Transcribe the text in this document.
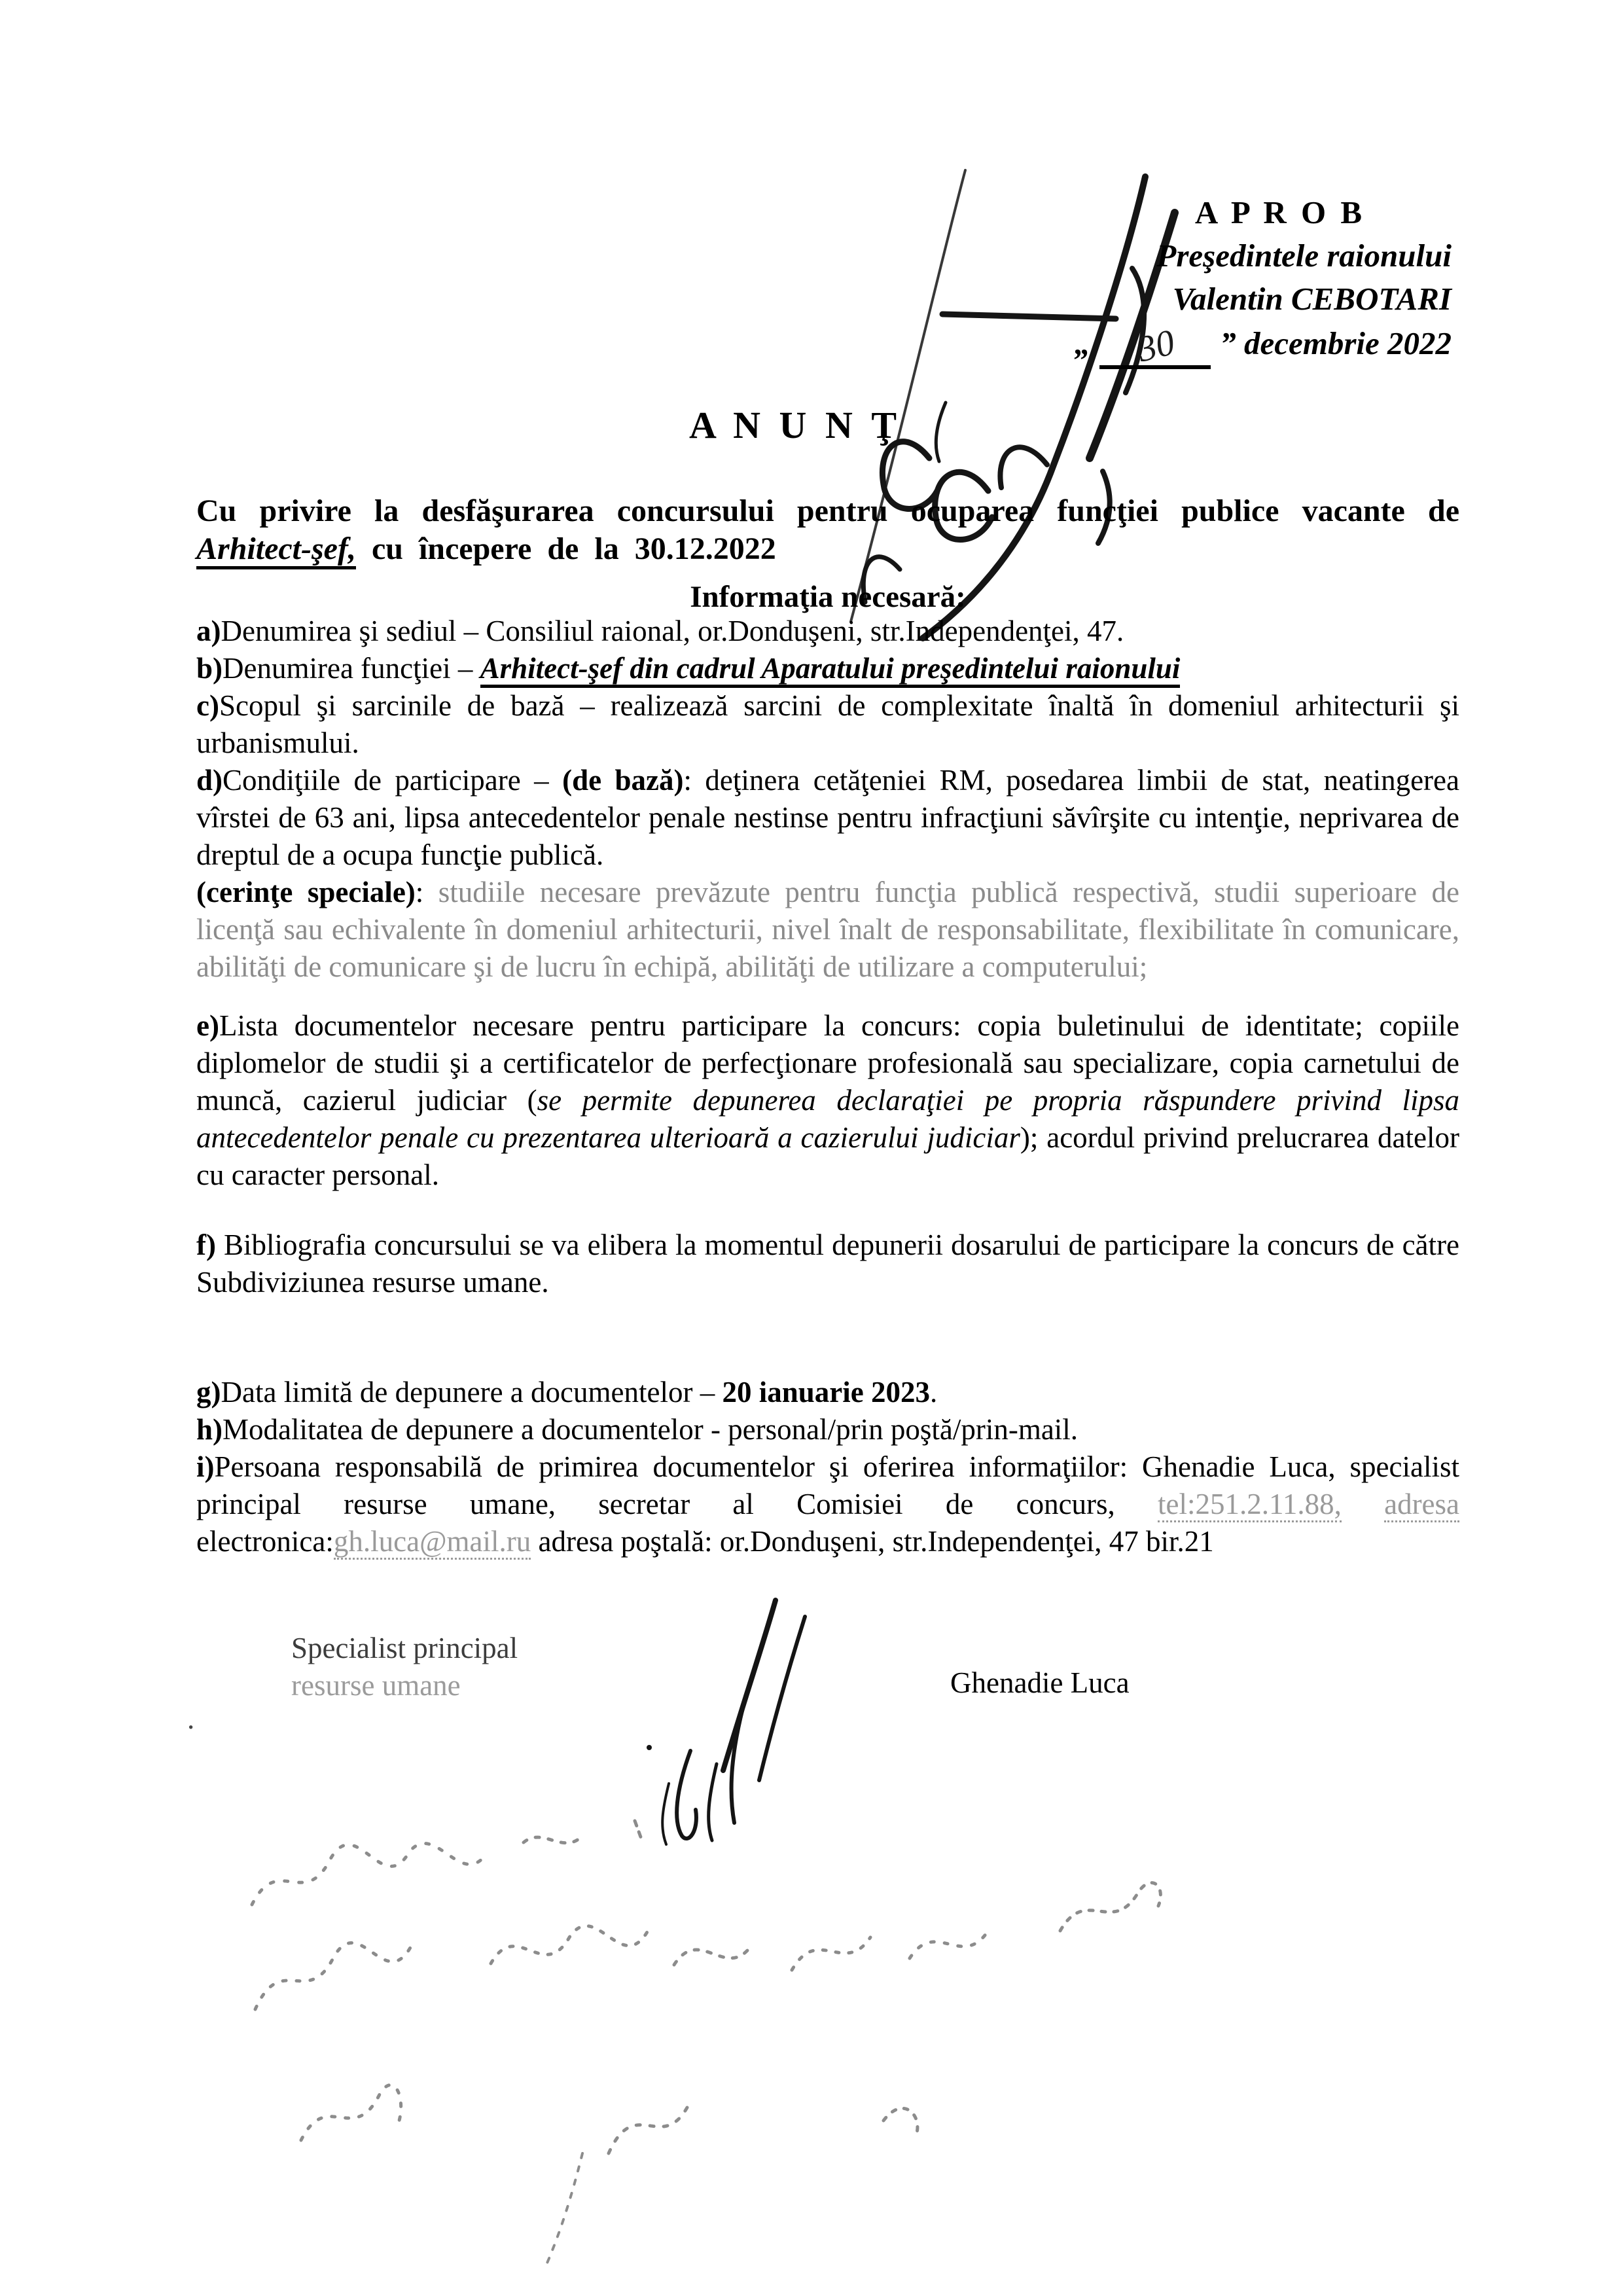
A P R O B
Preşedintele raionului
Valentin CEBOTARI
„ 30 ” decembrie 2022
A N U N Ţ
Cu privire la desfăşurarea concursului pentru ocuparea funcţiei publice vacante de Arhitect-şef, cu începere de la 30.12.2022
Informaţia necesară:

a)Denumirea şi sediul – Consiliul raional, or.Donduşeni, str.Independenţei, 47.

b)Denumirea funcţiei – Arhitect-şef din cadrul Aparatului preşedintelui raionului

c)Scopul şi sarcinile de bază – realizează sarcini de complexitate înaltă în domeniul arhitecturii şi urbanismului.

d)Condiţiile de participare – (de bază): deţinera cetăţeniei RM, posedarea limbii de stat, neatingerea vîrstei de 63 ani, lipsa antecedentelor penale nestinse pentru infracţiuni săvîrşite cu intenţie, neprivarea de dreptul de a ocupa funcţie publică.

(cerinţe speciale): studiile necesare prevăzute pentru funcţia publică respectivă, studii superioare de licenţă sau echivalente în domeniul arhitecturii, nivel înalt de responsabilitate, flexibilitate în comunicare, abilităţi de comunicare şi de lucru în echipă, abilităţi de utilizare a computerului;

e)Lista documentelor necesare pentru participare la concurs: copia buletinului de identitate; copiile diplomelor de studii şi a certificatelor de perfecţionare profesională sau specializare, copia carnetului de muncă, cazierul judiciar (se permite depunerea declaraţiei pe propria răspundere privind lipsa antecedentelor penale cu prezentarea ulterioară a cazierului judiciar); acordul privind prelucrarea datelor cu caracter personal.

f) Bibliografia concursului se va elibera la momentul depunerii dosarului de participare la concurs de către Subdiviziunea resurse umane.

g)Data limită de depunere a documentelor – 20 ianuarie 2023.

h)Modalitatea de depunere a documentelor - personal/prin poştă/prin-mail.

i)Persoana responsabilă de primirea documentelor şi oferirea informaţiilor: Ghenadie Luca, specialist principal resurse umane, secretar al Comisiei de concurs, tel:251.2.11.88, adresa electronica:gh.luca@mail.ru adresa poştală: or.Donduşeni, str.Independenţei, 47 bir.21

.
Specialist principal
resurse umane	Ghenadie Luca
